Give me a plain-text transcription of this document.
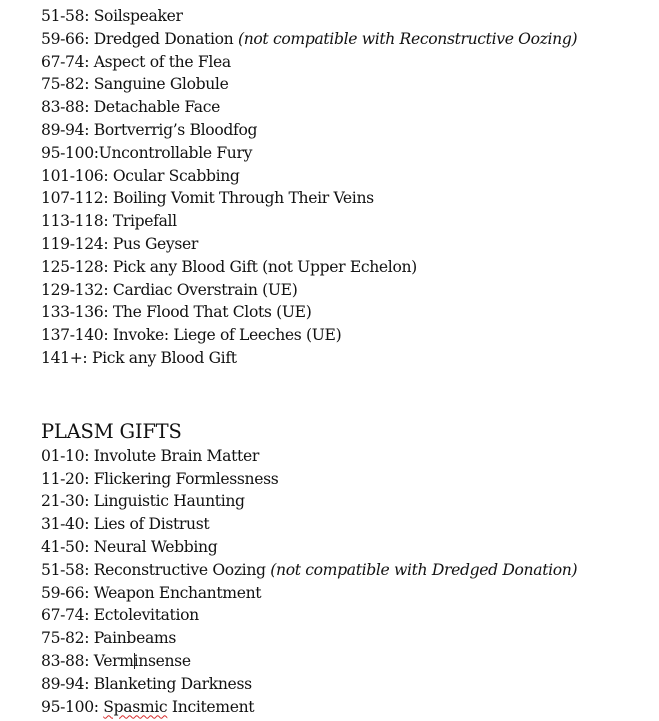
51-58: Soilspeaker
59-66: Dredged Donation (not compatible with Reconstructive Oozing)
67-74: Aspect of the Flea
75-82: Sanguine Globule
83-88: Detachable Face
89-94: Bortverrig’s Bloodfog
95-100:Uncontrollable Fury
101-106: Ocular Scabbing
107-112: Boiling Vomit Through Their Veins
113-118: Tripefall
119-124: Pus Geyser
125-128: Pick any Blood Gift (not Upper Echelon)
129-132: Cardiac Overstrain (UE)
133-136: The Flood That Clots (UE)
137-140: Invoke: Liege of Leeches (UE)
141+: Pick any Blood Gift
PLASM GIFTS
01-10: Involute Brain Matter
11-20: Flickering Formlessness
21-30: Linguistic Haunting
31-40: Lies of Distrust
41-50: Neural Webbing
51-58: Reconstructive Oozing (not compatible with Dredged Donation)
59-66: Weapon Enchantment
67-74: Ectolevitation
75-82: Painbeams
83-88: Verminsense
89-94: Blanketing Darkness
95-100: Spasmic Incitement
